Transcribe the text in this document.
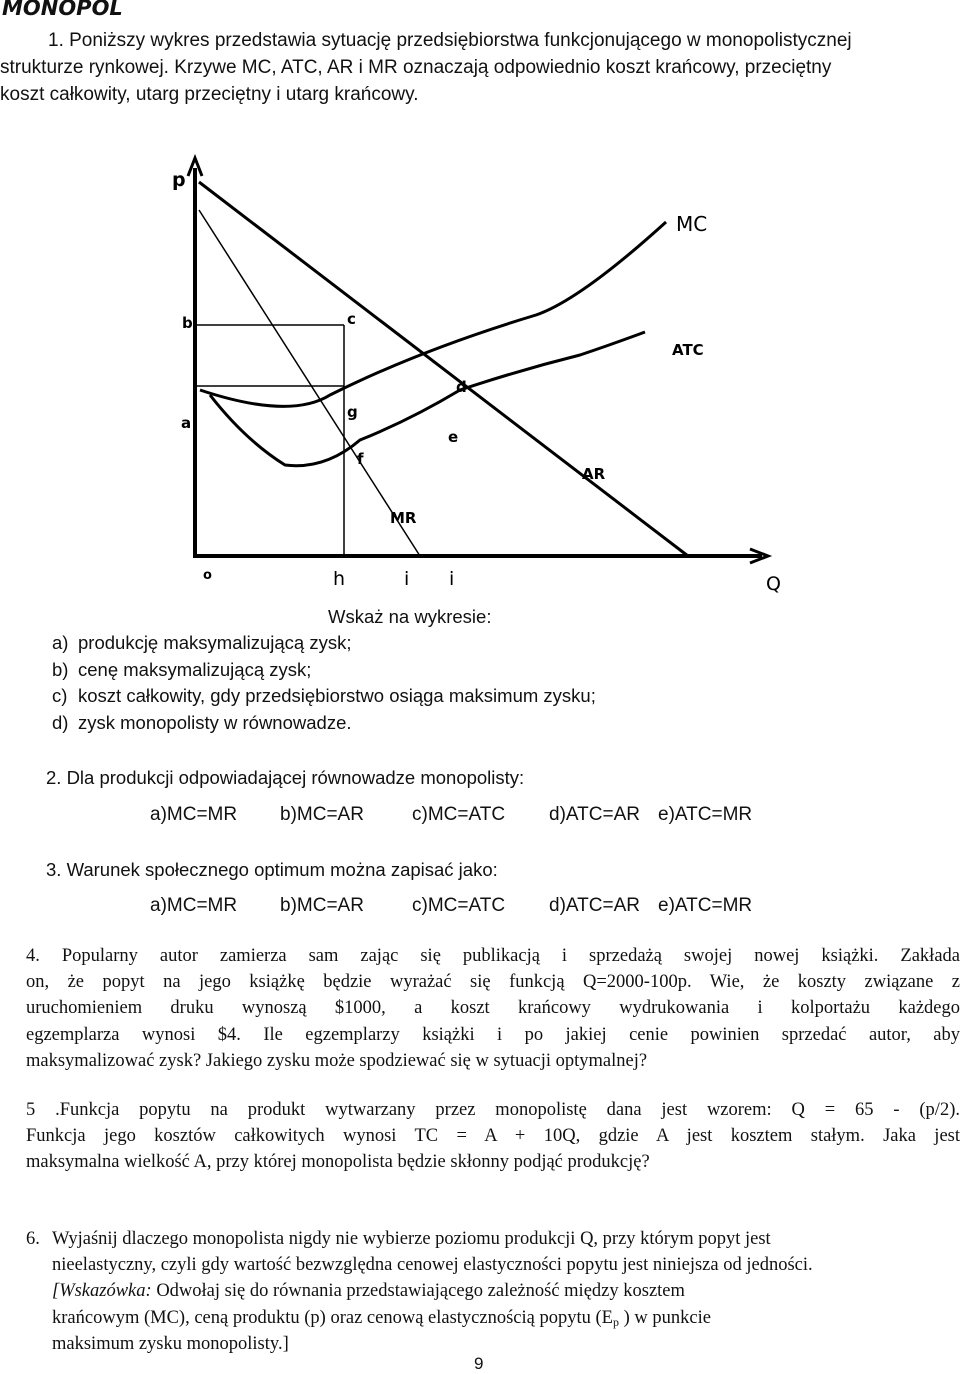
MONOPOL
1. Poniższy wykres przedstawia sytuację przedsiębiorstwa funkcjonującego w monopolistycznej
strukturze rynkowej. Krzywe MC, ATC, AR i MR oznaczają odpowiednio koszt krańcowy, przeciętny
koszt całkowity, utarg przeciętny i utarg krańcowy.
p
Q
MC
ATC
AR
MR
b	c
a
g
d
e
f
o	h	i i
Wskaż na wykresie:
a) produkcję maksymalizującą zysk;
b) cenę maksymalizującą zysk;
c) koszt całkowity, gdy przedsiębiorstwo osiąga maksimum zysku;
d) zysk monopolisty w równowadze.
2. Dla produkcji odpowiadającej równowadze monopolisty:
a)MC=MR b)MC=AR	c)MC=ATC d)ATC=AR e)ATC=MR
3. Warunek społecznego optimum można zapisać jako:
a)MC=MR b)MC=AR	c)MC=ATC d)ATC=AR e)ATC=MR
4. Popularny autor zamierza sam zając się publikacją i sprzedażą swojej nowej książki. Zakłada
on, że popyt na jego książkę będzie wyrażać się funkcją Q=2000-100p. Wie, że koszty związane z
uruchomieniem druku wynoszą $1000, a koszt krańcowy wydrukowania i kolportażu każdego
egzemplarza wynosi $4. Ile egzemplarzy książki i po jakiej cenie powinien sprzedać autor, aby
maksymalizować zysk? Jakiego zysku może spodziewać się w sytuacji optymalnej?
5 .Funkcja popytu na produkt wytwarzany przez monopolistę dana jest wzorem: Q = 65 - (p/2).
Funkcja jego kosztów całkowitych wynosi TC = A + 10Q, gdzie A jest kosztem stałym. Jaka jest
maksymalna wielkość A, przy której monopolista będzie skłonny podjąć produkcję?
6. Wyjaśnij dlaczego monopolista nigdy nie wybierze poziomu produkcji Q, przy którym popyt jest
nieelastyczny, czyli gdy wartość bezwzględna cenowej elastyczności popytu jest niniejsza od jedności.
[Wskazówka: Odwołaj się do równania przedstawiającego zależność między kosztem
krańcowym (MC), ceną produktu (p) oraz cenową elastycznością popytu ($E_p$ ) w punkcie
maksimum zysku monopolisty.]
9
